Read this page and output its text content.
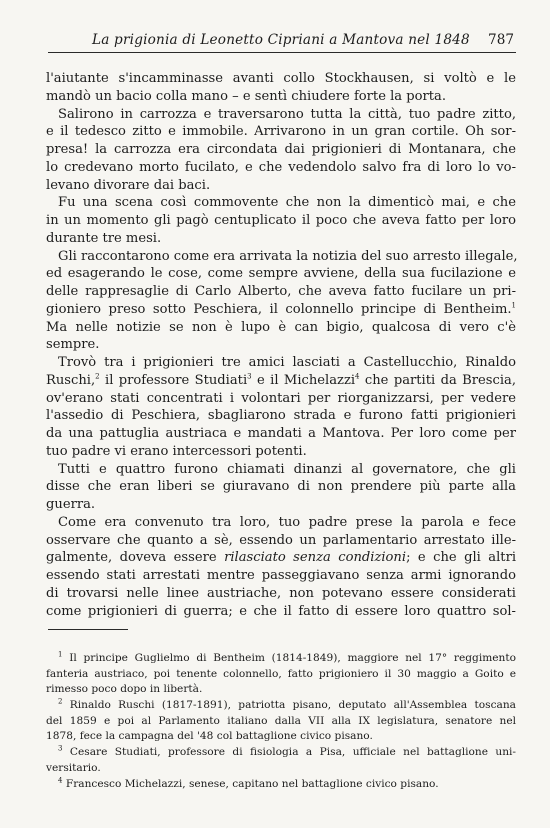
La prigionia di Leonetto Cipriani a Mantova nel 1848 787
l'aiutante s'incamminasse avanti collo Stockhausen, si voltò e le
mandò un bacio colla mano – e sentì chiudere forte la porta.
Salirono in carrozza e traversarono tutta la città, tuo padre zitto,
e il tedesco zitto e immobile. Arrivarono in un gran cortile. Oh sor-
presa! la carrozza era circondata dai prigionieri di Montanara, che
lo credevano morto fucilato, e che vedendolo salvo fra di loro lo vo-
levano divorare dai baci.
Fu una scena così commovente che non la dimenticò mai, e che
in un momento gli pagò centuplicato il poco che aveva fatto per loro
durante tre mesi.
Gli raccontarono come era arrivata la notizia del suo arresto illegale,
ed esagerando le cose, come sempre avviene, della sua fucilazione e
delle rappresaglie di Carlo Alberto, che aveva fatto fucilare un pri-
gioniero preso sotto Peschiera, il colonnello principe di Bentheim.$^1$
Ma nelle notizie se non è lupo è can bigio, qualcosa di vero c'è
sempre.
Trovò tra i prigionieri tre amici lasciati a Castellucchio, Rinaldo
Ruschi,$^2$ il professore Studiati$^3$ e il Michelazzi$^4$ che partiti da Brescia,
ov'erano stati concentrati i volontari per riorganizzarsi, per vedere
l'assedio di Peschiera, sbagliarono strada e furono fatti prigionieri
da una pattuglia austriaca e mandati a Mantova. Per loro come per
tuo padre vi erano intercessori potenti.
Tutti e quattro furono chiamati dinanzi al governatore, che gli
disse che eran liberi se giuravano di non prendere più parte alla
guerra.
Come era convenuto tra loro, tuo padre prese la parola e fece
osservare che quanto a sè, essendo un parlamentario arrestato ille-
galmente, doveva essere rilasciato senza condizioni; e che gli altri
essendo stati arrestati mentre passeggiavano senza armi ignorando
di trovarsi nelle linee austriache, non potevano essere considerati
come prigionieri di guerra; e che il fatto di essere loro quattro sol-
$^1$ Il principe Guglielmo di Bentheim (1814-1849), maggiore nel 17° reggimento
fanteria austriaco, poi tenente colonnello, fatto prigioniero il 30 maggio a Goito e
rimesso poco dopo in libertà.
$^2$ Rinaldo Ruschi (1817-1891), patriotta pisano, deputato all'Assemblea toscana
del 1859 e poi al Parlamento italiano dalla VII alla IX legislatura, senatore nel
1878, fece la campagna del '48 col battaglione civico pisano.
$^3$ Cesare Studiati, professore di fisiologia a Pisa, ufficiale nel battaglione uni-
versitario.
$^4$ Francesco Michelazzi, senese, capitano nel battaglione civico pisano.
